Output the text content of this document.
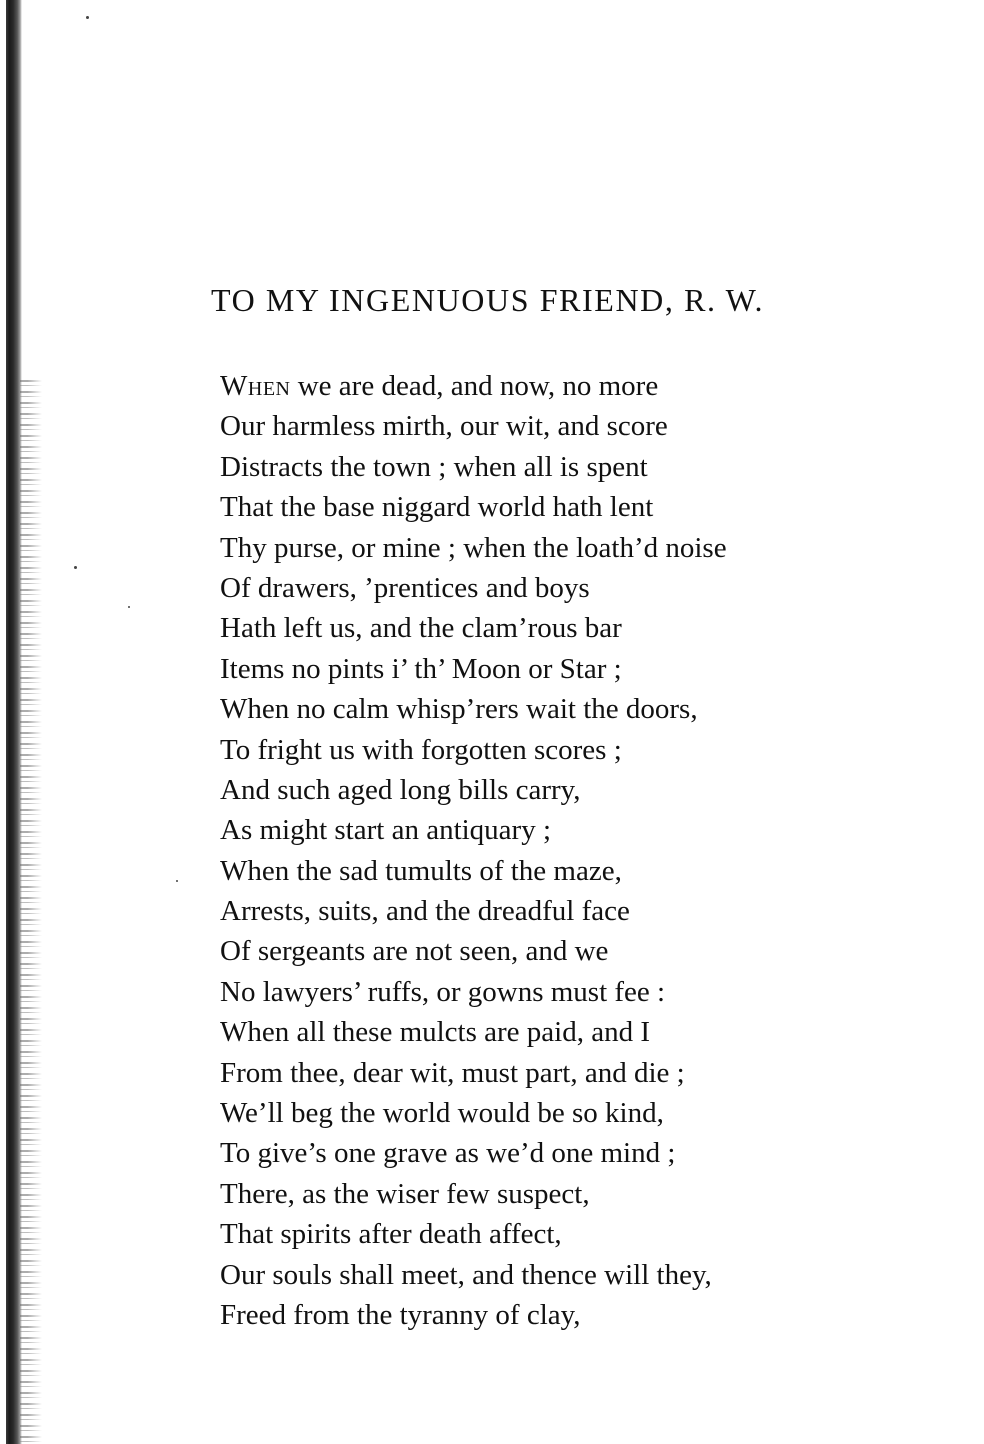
TO MY INGENUOUS FRIEND, R. W.
When we are dead, and now, no more
Our harmless mirth, our wit, and score
Distracts the town ; when all is spent
That the base niggard world hath lent
Thy purse, or mine ; when the loath’d noise
Of drawers, ’prentices and boys
Hath left us, and the clam’rous bar
Items no pints i’ th’ Moon or Star ;
When no calm whisp’rers wait the doors,
To fright us with forgotten scores ;
And such aged long bills carry,
As might start an antiquary ;
When the sad tumults of the maze,
Arrests, suits, and the dreadful face
Of sergeants are not seen, and we
No lawyers’ ruffs, or gowns must fee :
When all these mulcts are paid, and I
From thee, dear wit, must part, and die ;
We’ll beg the world would be so kind,
To give’s one grave as we’d one mind ;
There, as the wiser few suspect,
That spirits after death affect,
Our souls shall meet, and thence will they,
Freed from the tyranny of clay,
